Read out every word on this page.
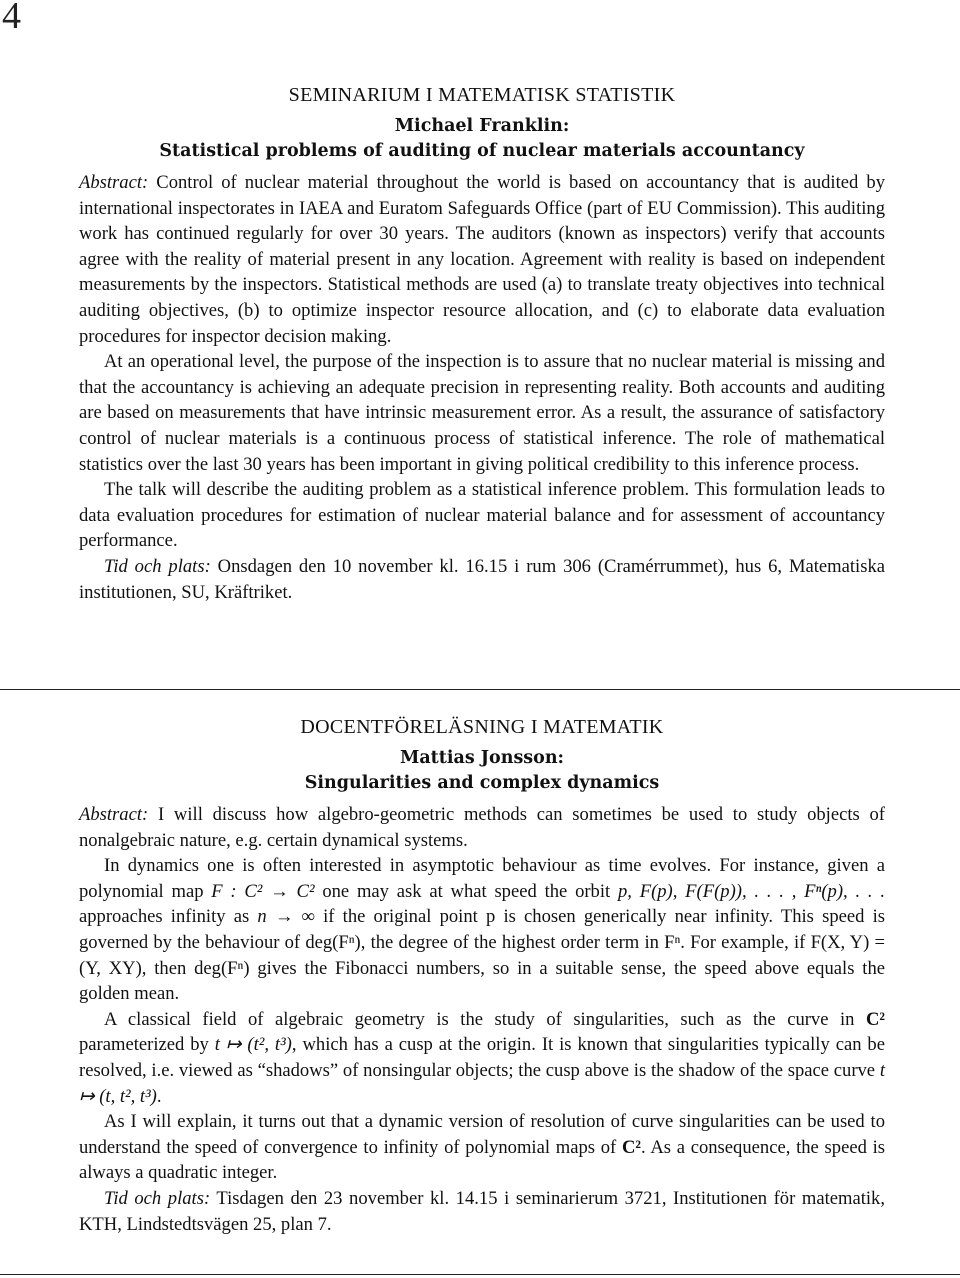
4
SEMINARIUM I MATEMATISK STATISTIK
Michael Franklin:
Statistical problems of auditing of nuclear materials accountancy

Abstract: Control of nuclear material throughout the world is based on accountancy that is audited by international inspectorates in IAEA and Euratom Safeguards Office (part of EU Commission). This auditing work has continued regularly for over 30 years. The auditors (known as inspectors) verify that accounts agree with the reality of material present in any location. Agreement with reality is based on independent measurements by the inspectors. Statistical methods are used (a) to translate treaty objectives into technical auditing objectives, (b) to optimize inspector resource allocation, and (c) to elaborate data evaluation procedures for inspector decision making.

At an operational level, the purpose of the inspection is to assure that no nuclear material is missing and that the accountancy is achieving an adequate precision in representing reality. Both accounts and auditing are based on measurements that have intrinsic measurement error. As a result, the assurance of satisfactory control of nuclear materials is a continuous process of statistical inference. The role of mathematical statistics over the last 30 years has been important in giving political credibility to this inference process.

The talk will describe the auditing problem as a statistical inference problem. This formulation leads to data evaluation procedures for estimation of nuclear material balance and for assessment of accountancy performance.

Tid och plats: Onsdagen den 10 november kl. 16.15 i rum 306 (Cramérrummet), hus 6, Matematiska institutionen, SU, Kräftriket.

DOCENTFÖRELÄSNING I MATEMATIK
Mattias Jonsson:
Singularities and complex dynamics

Abstract: I will discuss how algebro-geometric methods can sometimes be used to study objects of nonalgebraic nature, e.g. certain dynamical systems.

In dynamics one is often interested in asymptotic behaviour as time evolves. For instance, given a polynomial map F : C² → C² one may ask at what speed the orbit p, F(p), F(F(p)), . . . , Fⁿ(p), . . . approaches infinity as n → ∞ if the original point p is chosen generically near infinity. This speed is governed by the behaviour of deg(Fⁿ), the degree of the highest order term in Fⁿ. For example, if F(X, Y) = (Y, XY), then deg(Fⁿ) gives the Fibonacci numbers, so in a suitable sense, the speed above equals the golden mean.

A classical field of algebraic geometry is the study of singularities, such as the curve in C² parameterized by t ↦ (t², t³), which has a cusp at the origin. It is known that singularities typically can be resolved, i.e. viewed as “shadows” of nonsingular objects; the cusp above is the shadow of the space curve t ↦ (t, t², t³).

As I will explain, it turns out that a dynamic version of resolution of curve singularities can be used to understand the speed of convergence to infinity of polynomial maps of C². As a consequence, the speed is always a quadratic integer.

Tid och plats: Tisdagen den 23 november kl. 14.15 i seminarierum 3721, Institutionen för matematik, KTH, Lindstedtsvägen 25, plan 7.
